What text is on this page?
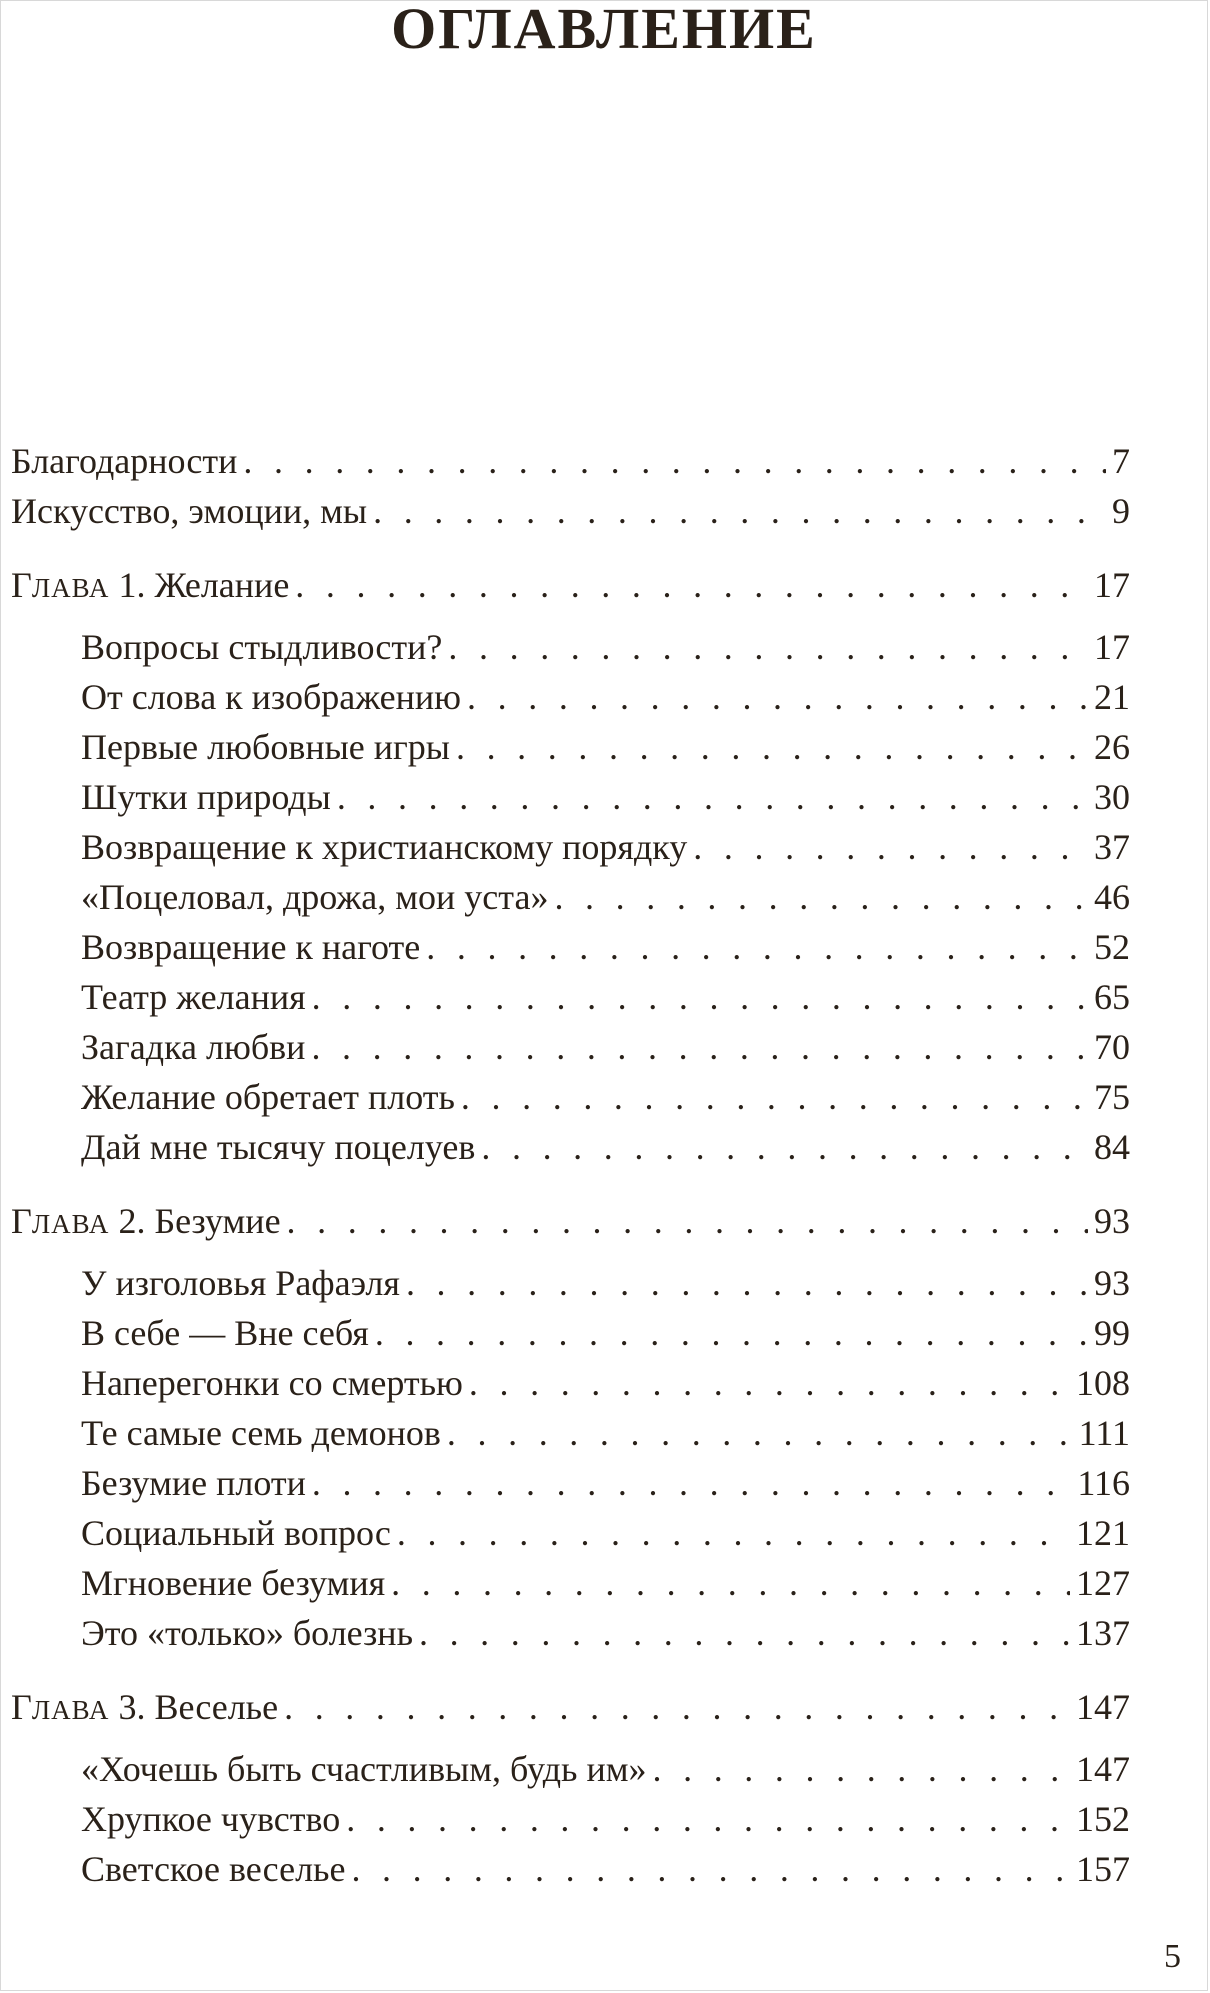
ОГЛАВЛЕНИЕ
Благодарности . . .	7
Искусство, эмоции, мы . . .	9
ГЛАВА 1. Желание . . .	17
Вопросы стыдливости? . . .	17
От слова к изображению . . .	21
Первые любовные игры . . .	26
Шутки природы . . .	30
Возвращение к христианскому порядку . . .	37
«Поцеловал, дрожа, мои уста» . . .	46
Возвращение к наготе . . .	52
Театр желания . . .	65
Загадка любви . . .	70
Желание обретает плоть . . .	75
Дай мне тысячу поцелуев . . .	84
ГЛАВА 2. Безумие . . .	93
У изголовья Рафаэля . . .	93
В себе — Вне себя . . .	99
Наперегонки со смертью . . .	108
Те самые семь демонов . . .	111
Безумие плоти . . .	116
Социальный вопрос . . .	121
Мгновение безумия . . .	127
Это «только» болезнь . . .	137
ГЛАВА 3. Веселье . . .	147
«Хочешь быть счастливым, будь им» . . .	147
Хрупкое чувство . . .	152
Светское веселье . . .	157
5
